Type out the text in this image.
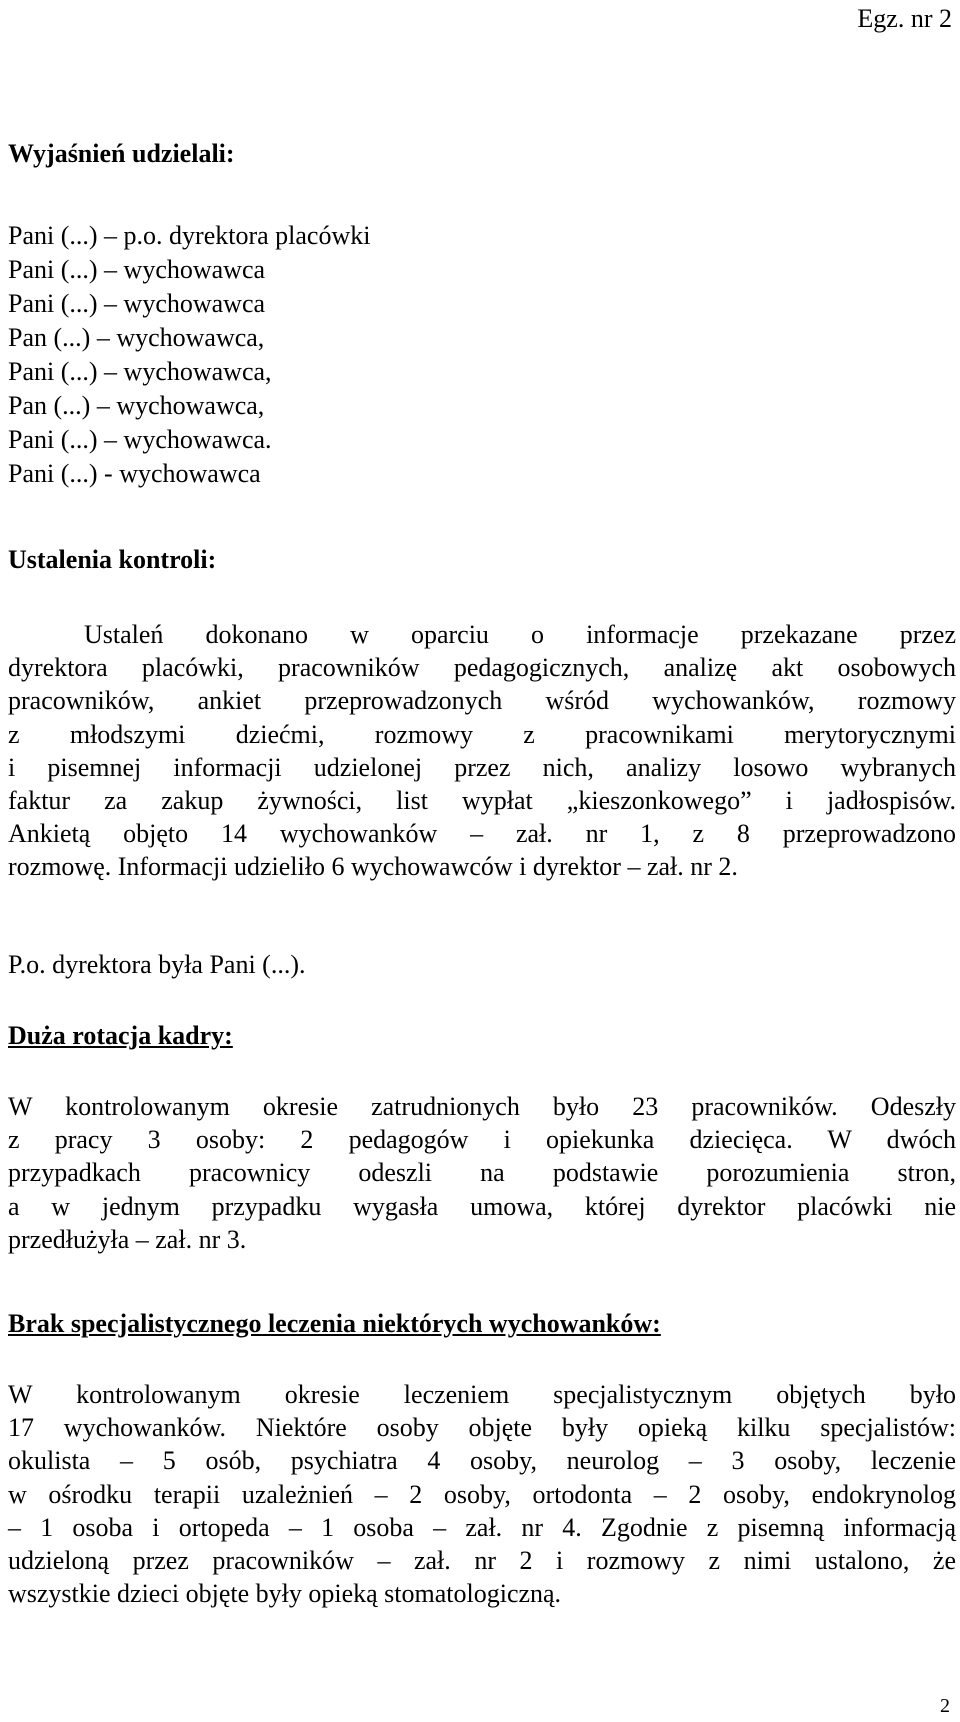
Egz. nr 2
Wyjaśnień udzielali:
Pani (...) – p.o. dyrektora placówki
Pani (...) – wychowawca
Pani (...) – wychowawca
Pan (...) – wychowawca,
Pani (...) – wychowawca,
Pan (...) – wychowawca,
Pani (...) – wychowawca.
Pani (...) - wychowawca
Ustalenia kontroli:
Ustaleń dokonano w oparciu o informacje przekazane przez
dyrektora placówki, pracowników pedagogicznych, analizę akt osobowych
pracowników, ankiet przeprowadzonych wśród wychowanków, rozmowy
z młodszymi dziećmi, rozmowy z pracownikami merytorycznymi
i pisemnej informacji udzielonej przez nich, analizy losowo wybranych
faktur za zakup żywności, list wypłat „kieszonkowego” i jadłospisów.
Ankietą objęto 14 wychowanków – zał. nr 1, z 8 przeprowadzono
rozmowę. Informacji udzieliło 6 wychowawców i dyrektor – zał. nr 2.
P.o. dyrektora była Pani (...).
Duża rotacja kadry:
W kontrolowanym okresie zatrudnionych było 23 pracowników. Odeszły
z pracy 3 osoby: 2 pedagogów i opiekunka dziecięca. W dwóch
przypadkach pracownicy odeszli na podstawie porozumienia stron,
a w jednym przypadku wygasła umowa, której dyrektor placówki nie
przedłużyła – zał. nr 3.
Brak specjalistycznego leczenia niektórych wychowanków:
W kontrolowanym okresie leczeniem specjalistycznym objętych było
17 wychowanków. Niektóre osoby objęte były opieką kilku specjalistów:
okulista – 5 osób, psychiatra 4 osoby, neurolog – 3 osoby, leczenie
w ośrodku terapii uzależnień – 2 osoby, ortodonta – 2 osoby, endokrynolog
– 1 osoba i ortopeda – 1 osoba – zał. nr 4. Zgodnie z pisemną informacją
udzieloną przez pracowników – zał. nr 2 i rozmowy z nimi ustalono, że
wszystkie dzieci objęte były opieką stomatologiczną.
2
